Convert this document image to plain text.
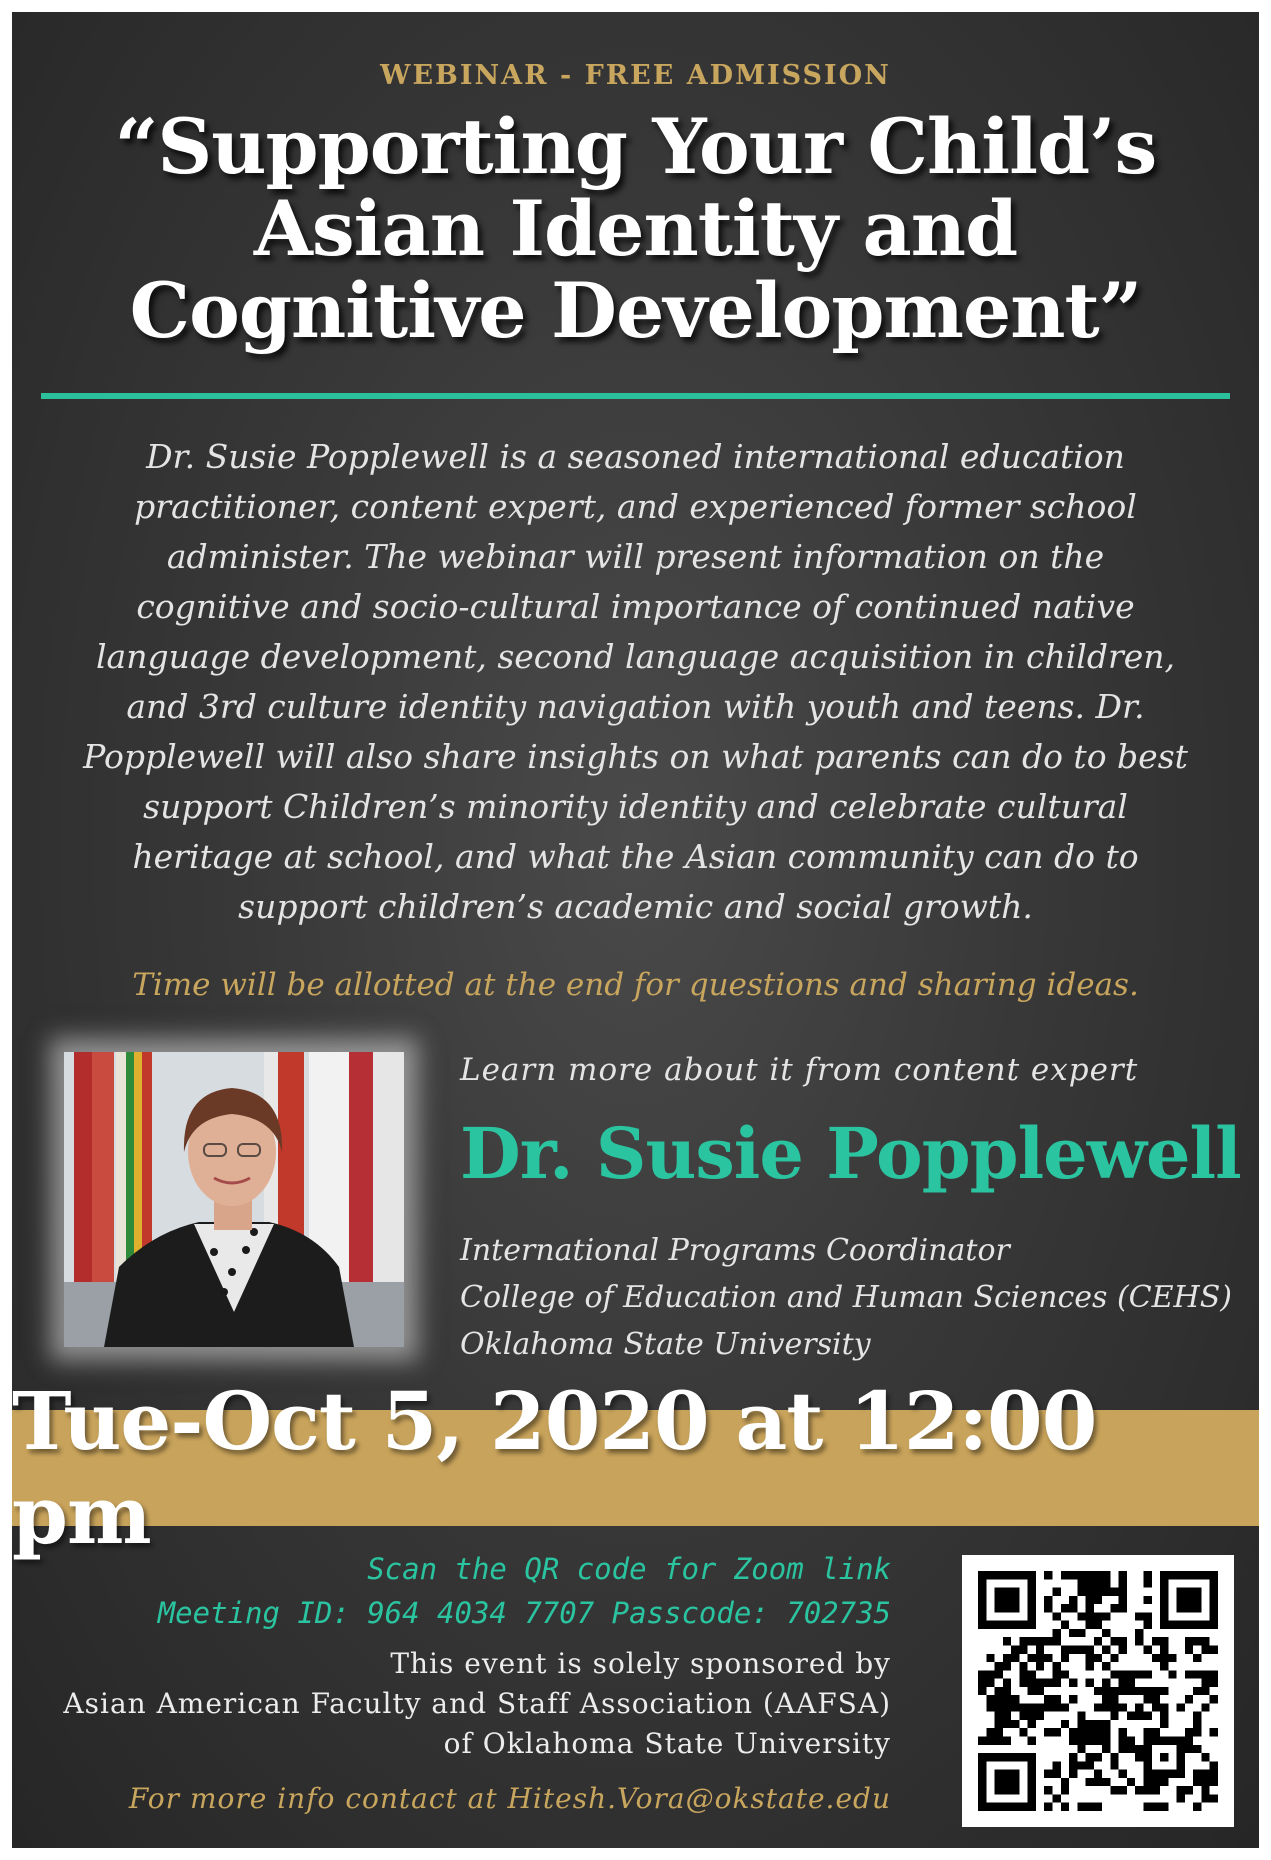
WEBINAR - FREE ADMISSION
“Supporting Your Child’s
Asian Identity and
Cognitive Development”
Dr. Susie Popplewell is a seasoned international education
practitioner, content expert, and experienced former school
administer. The webinar will present information on the
cognitive and socio-cultural importance of continued native
language development, second language acquisition in children,
and 3rd culture identity navigation with youth and teens. Dr.
Popplewell will also share insights on what parents can do to best
support Children’s minority identity and celebrate cultural
heritage at school, and what the Asian community can do to
support children’s academic and social growth.
Time will be allotted at the end for questions and sharing ideas.
Learn more about it from content expert
Dr. Susie Popplewell
International Programs Coordinator
College of Education and Human Sciences (CEHS)
Oklahoma State University
Tue-Oct 5, 2020 at 12:00 pm
Scan the QR code for Zoom link
Meeting ID: 964 4034 7707 Passcode: 702735
This event is solely sponsored by
Asian American Faculty and Staff Association (AAFSA)
of Oklahoma State University
For more info contact at Hitesh.Vora@okstate.edu
